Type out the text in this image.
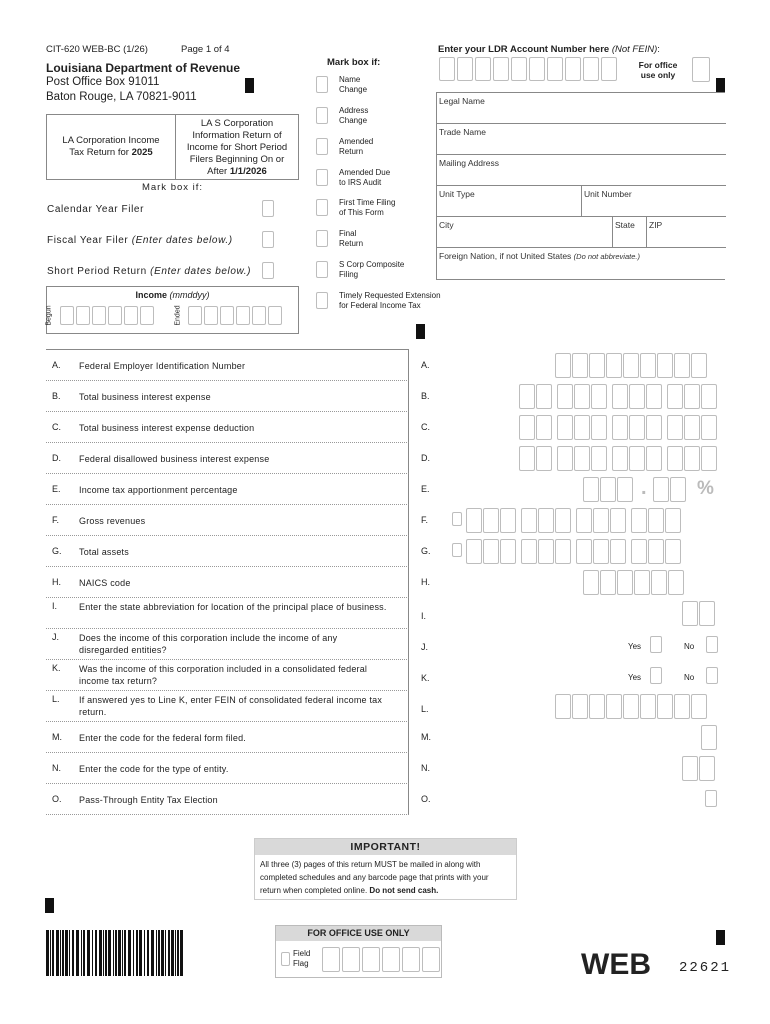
CIT-620 WEB-BC (1/26)	Page 1 of 4
Louisiana Department of Revenue
Post Office Box 91011
Baton Rouge, LA 70821-9011
LA Corporation Income
Tax Return for 2025
LA S Corporation
Information Return of
Income for Short Period
Filers Beginning On or
After 1/1/2026
Mark box if:
Calendar Year Filer
Fiscal Year Filer (Enter dates below.)
Short Period Return (Enter dates below.)
Income (mmddyy)
Begun	Ended
Mark box if:
Name
Change
Address
Change
Amended
Return
Amended Due
to IRS Audit
First Time Filing
of This Form
Final
Return
S Corp Composite
Filing
Timely Requested Extension
for Federal Income Tax
Enter your LDR Account Number here (Not FEIN):
For office
use only
Legal Name
Trade Name
Mailing Address
Unit Type	Unit Number
City	State	ZIP
Foreign Nation, if not United States (Do not abbreviate.)
A. Federal Employer Identification Number
B. Total business interest expense
C. Total business interest expense deduction
D. Federal disallowed business interest expense
E. Income tax apportionment percentage
F. Gross revenues
G. Total assets
H. NAICS code
I. Enter the state abbreviation for location of the principal place of business.
J. Does the income of this corporation include the income of any disregarded entities?
K. Was the income of this corporation included in a consolidated federal income tax return?
L. If answered yes to Line K, enter FEIN of consolidated federal income tax return.
M. Enter the code for the federal form filed.
N. Enter the code for the type of entity.
O. Pass-Through Entity Tax Election
A.
B.
C.
D.
E.
F.
G.
H.
I.
J.
K.
L.
M.
N.
O.
.	%
Yes	No
Yes	No
IMPORTANT!
All three (3) pages of this return MUST be mailed in along with completed schedules and any barcode page that prints with your return when completed online. Do not send cash.
FOR OFFICE USE ONLY
Field
Flag	WEB 22621
